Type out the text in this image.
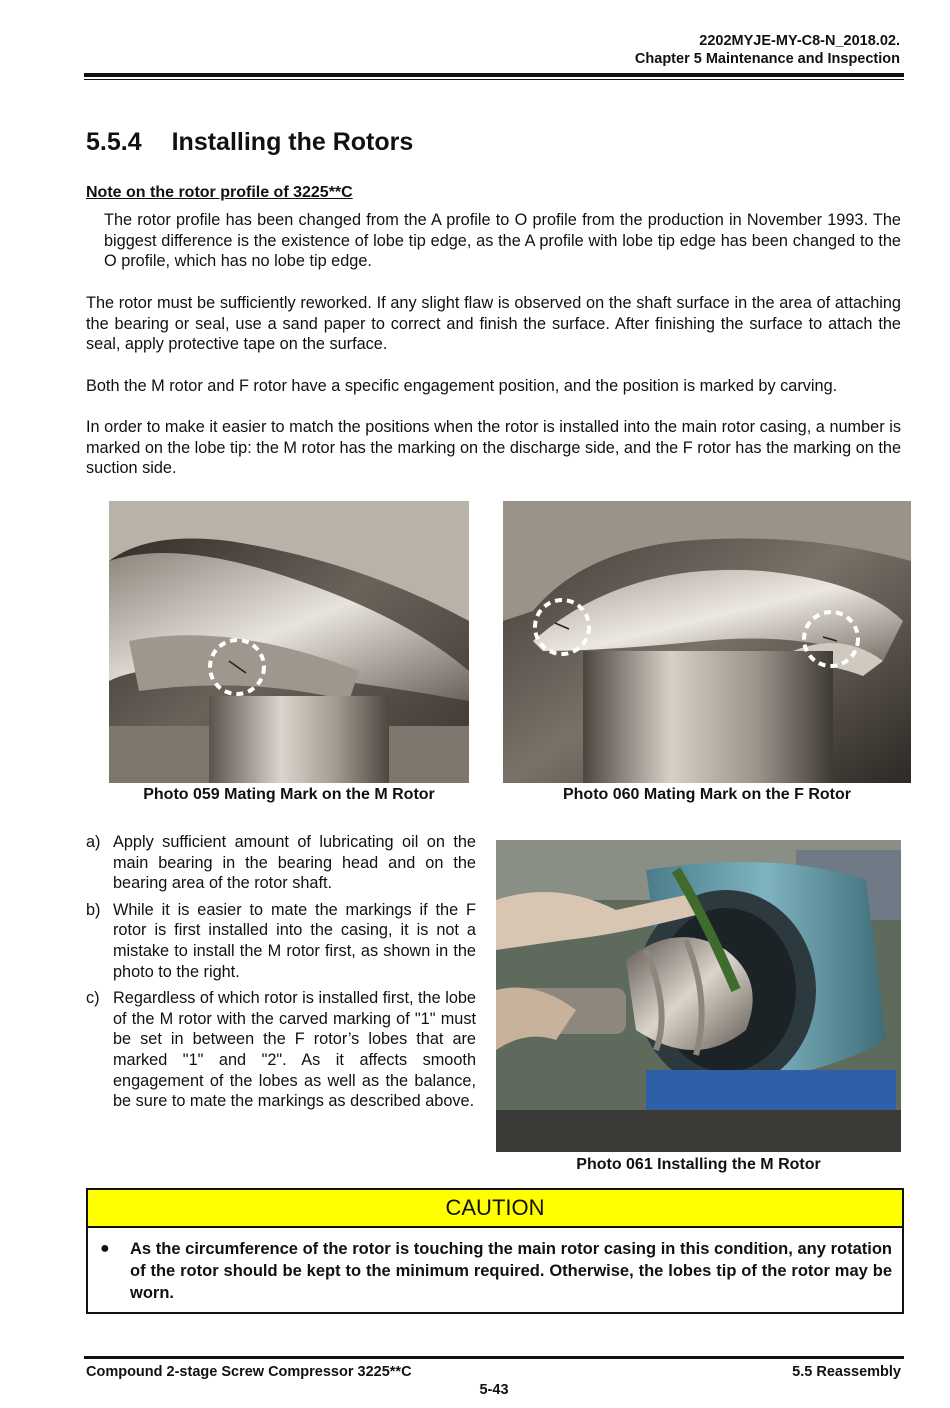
2202MYJE-MY-C8-N_2018.02.
Chapter 5 Maintenance and Inspection
5.5.4 Installing the Rotors
Note on the rotor profile of 3225**C
The rotor profile has been changed from the A profile to O profile from the production in November 1993. The biggest difference is the existence of lobe tip edge, as the A profile with lobe tip edge has been changed to the O profile, which has no lobe tip edge.
The rotor must be sufficiently reworked. If any slight flaw is observed on the shaft surface in the area of attaching the bearing or seal, use a sand paper to correct and finish the surface. After finishing the surface to attach the seal, apply protective tape on the surface.
Both the M rotor and F rotor have a specific engagement position, and the position is marked by carving.
In order to make it easier to match the positions when the rotor is installed into the main rotor casing, a number is marked on the lobe tip: the M rotor has the marking on the discharge side, and the F rotor has the marking on the suction side.
Photo 059 Mating Mark on the M Rotor	Photo 060 Mating Mark on the F Rotor
a) Apply sufficient amount of lubricating oil on the main bearing in the bearing head and on the bearing area of the rotor shaft.
b) While it is easier to mate the markings if the F rotor is first installed into the casing, it is not a mistake to install the M rotor first, as shown in the photo to the right.
c) Regardless of which rotor is installed first, the lobe of the M rotor with the carved marking of "1" must be set in between the F rotor’s lobes that are marked "1" and "2". As it affects smooth engagement of the lobes as well as the balance, be sure to mate the markings as described above.
Photo 061 Installing the M Rotor
CAUTION
●	As the circumference of the rotor is touching the main rotor casing in this condition, any rotation of the rotor should be kept to the minimum required. Otherwise, the lobes tip of the rotor may be worn.
Compound 2-stage Screw Compressor 3225**C	5.5 Reassembly
5-43
